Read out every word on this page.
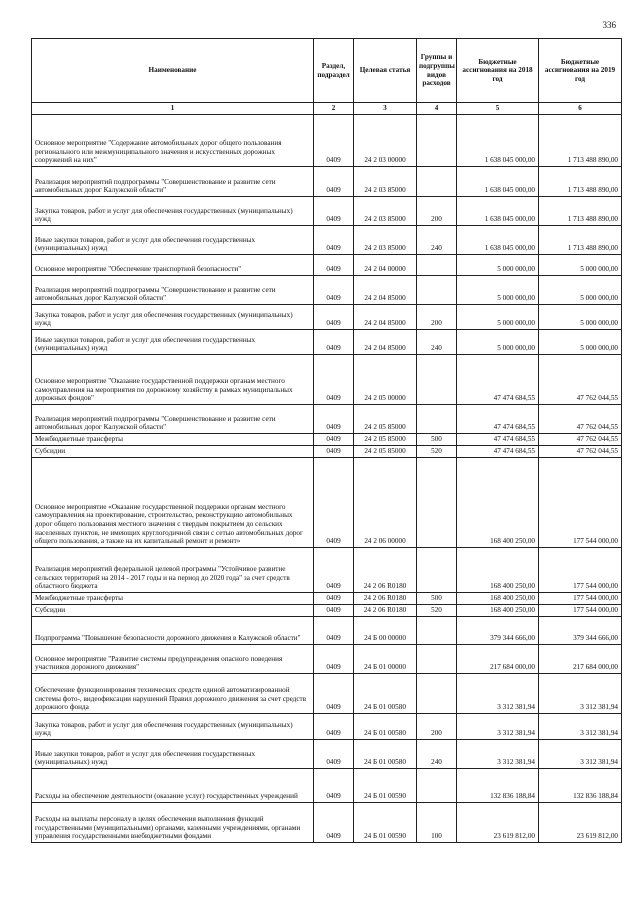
336
Наименование	Раздел, подраздел	Целевая статья	Группы и подгруппы видов расходов	Бюджетные ассигнования на 2018 год	Бюджетные ассигнования на 2019 год
1	2	3	4	5	6
Основное мероприятие "Содержание автомобильных дорог общего пользования регионального или межмуниципального значения и искусственных дорожных сооружений на них"	0409	24 2 03 00000		1 638 045 000,00	1 713 488 890,00
Реализация мероприятий подпрограммы "Совершенствование и развитие сети автомобильных дорог Калужской области"	0409	24 2 03 85000		1 638 045 000,00	1 713 488 890,00
Закупка товаров, работ и услуг для обеспечения государственных (муниципальных) нужд	0409	24 2 03 85000	200	1 638 045 000,00	1 713 488 890,00
Иные закупки товаров, работ и услуг для обеспечения государственных (муниципальных) нужд	0409	24 2 03 85000	240	1 638 045 000,00	1 713 488 890,00
Основное мероприятие "Обеспечение транспортной безопасности"	0409	24 2 04 00000		5 000 000,00	5 000 000,00
Реализация мероприятий подпрограммы "Совершенствование и развитие сети автомобильных дорог Калужской области"	0409	24 2 04 85000		5 000 000,00	5 000 000,00
Закупка товаров, работ и услуг для обеспечения государственных (муниципальных) нужд	0409	24 2 04 85000	200	5 000 000,00	5 000 000,00
Иные закупки товаров, работ и услуг для обеспечения государственных (муниципальных) нужд	0409	24 2 04 85000	240	5 000 000,00	5 000 000,00
Основное мероприятие "Оказание государственной поддержки органам местного самоуправления на мероприятия по дорожному хозяйству в рамках муниципальных дорожных фондов"	0409	24 2 05 00000		47 474 684,55	47 762 044,55
Реализация мероприятий подпрограммы "Совершенствование и развитие сети автомобильных дорог Калужской области"	0409	24 2 05 85000		47 474 684,55	47 762 044,55
Межбюджетные трансферты	0409	24 2 05 85000	500	47 474 684,55	47 762 044,55
Субсидии	0409	24 2 05 85000	520	47 474 684,55	47 762 044,55
Основное мероприятие «Оказание государственной поддержки органам местного самоуправления на проектирование, строительство, реконструкцию автомобильных дорог общего пользования местного значения с твердым покрытием до сельских населенных пунктов, не имеющих круглогодичной связи с сетью автомобильных дорог общего пользования, а также на их капитальный ремонт и ремонт»	0409	24 2 06 00000		168 400 250,00	177 544 000,00
Реализация мероприятий федеральной целевой программы "Устойчивое развитие сельских территорий на 2014 - 2017 годы и на период до 2020 года" за счет средств областного бюджета	0409	24 2 06 R0180		168 400 250,00	177 544 000,00
Межбюджетные трансферты	0409	24 2 06 R0180	500	168 400 250,00	177 544 000,00
Субсидии	0409	24 2 06 R0180	520	168 400 250,00	177 544 000,00
Подпрограмма "Повышение безопасности дорожного движения в Калужской области"	0409	24 Б 00 00000		379 344 666,00	379 344 666,00
Основное мероприятие "Развитие системы предупреждения опасного поведения участников дорожного движения"	0409	24 Б 01 00000		217 684 000,00	217 684 000,00
Обеспечение функционирования технических средств единой автоматизированной системы фото-, видеофиксации нарушений Правил дорожного движения за счет средств дорожного фонда	0409	24 Б 01 00580		3 312 381,94	3 312 381,94
Закупка товаров, работ и услуг для обеспечения государственных (муниципальных) нужд	0409	24 Б 01 00580	200	3 312 381,94	3 312 381,94
Иные закупки товаров, работ и услуг для обеспечения государственных (муниципальных) нужд	0409	24 Б 01 00580	240	3 312 381,94	3 312 381,94
Расходы на обеспечение деятельности (оказание услуг) государственных учреждений	0409	24 Б 01 00590		132 836 188,84	132 836 188,84
Расходы на выплаты персоналу в целях обеспечения выполнения функций государственными (муниципальными) органами, казенными учреждениями, органами управления государственными внебюджетными фондами	0409	24 Б 01 00590	100	23 619 812,00	23 619 812,00
